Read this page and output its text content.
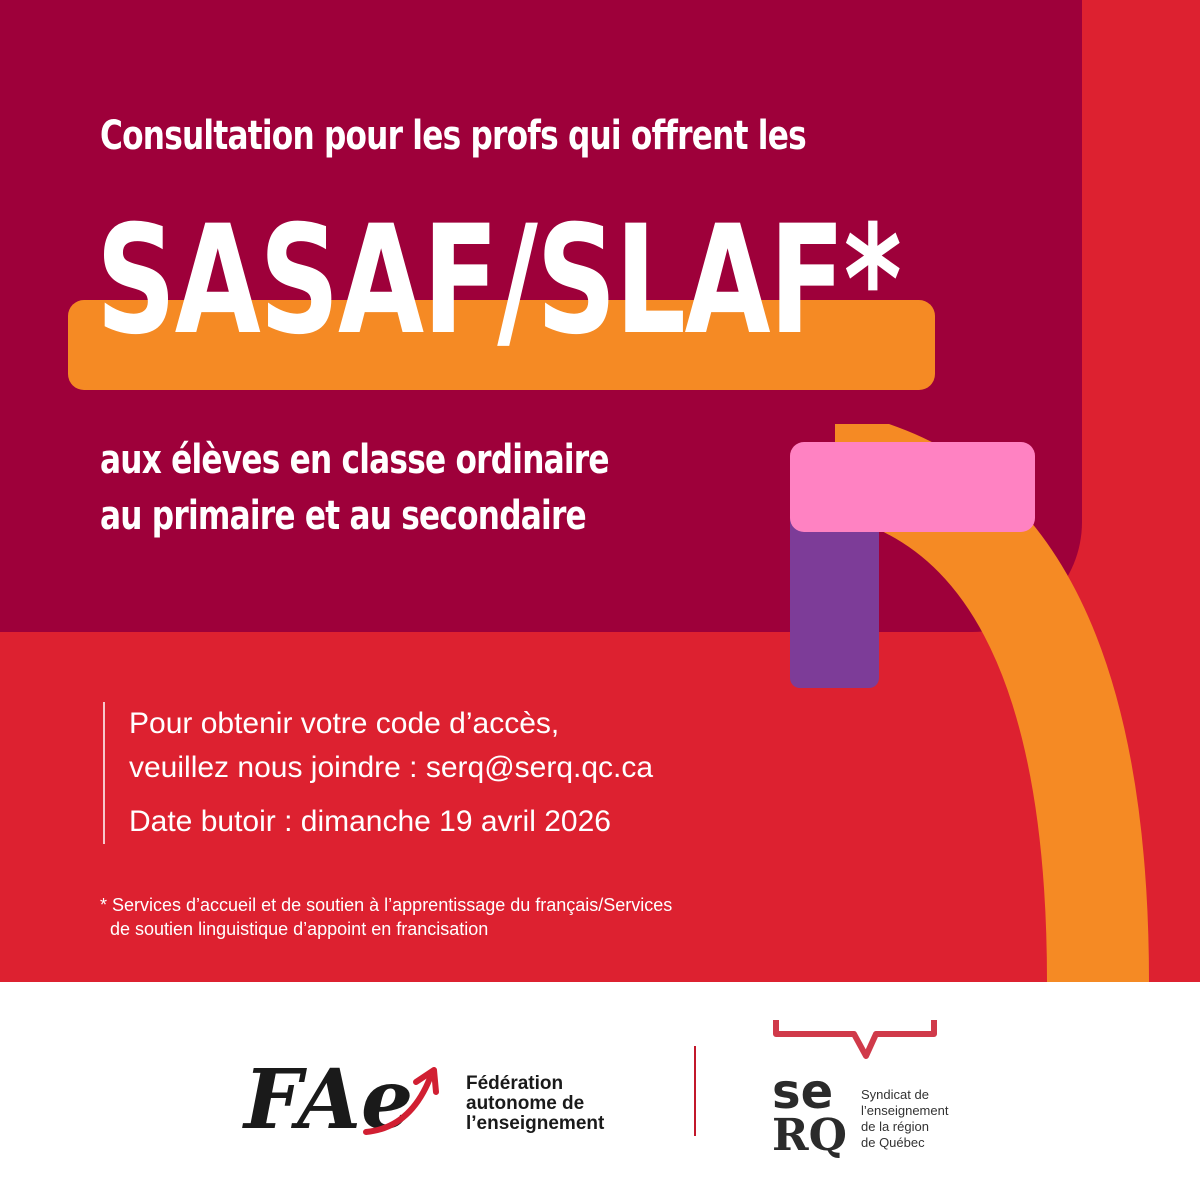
Consultation pour les profs qui offrent les
SASAF/SLAF*
aux élèves en classe ordinaire
au primaire et au secondaire
Pour obtenir votre code d’accès,
veuillez nous joindre : serq@serq.qc.ca
Date butoir : dimanche 19 avril 2026
* Services d’accueil et de soutien à l’apprentissage du français/Services
de soutien linguistique d’appoint en francisation
FAe	Fédération
autonome de
l’enseignement
se
RQ
Syndicat de
l’enseignement
de la région
de Québec
